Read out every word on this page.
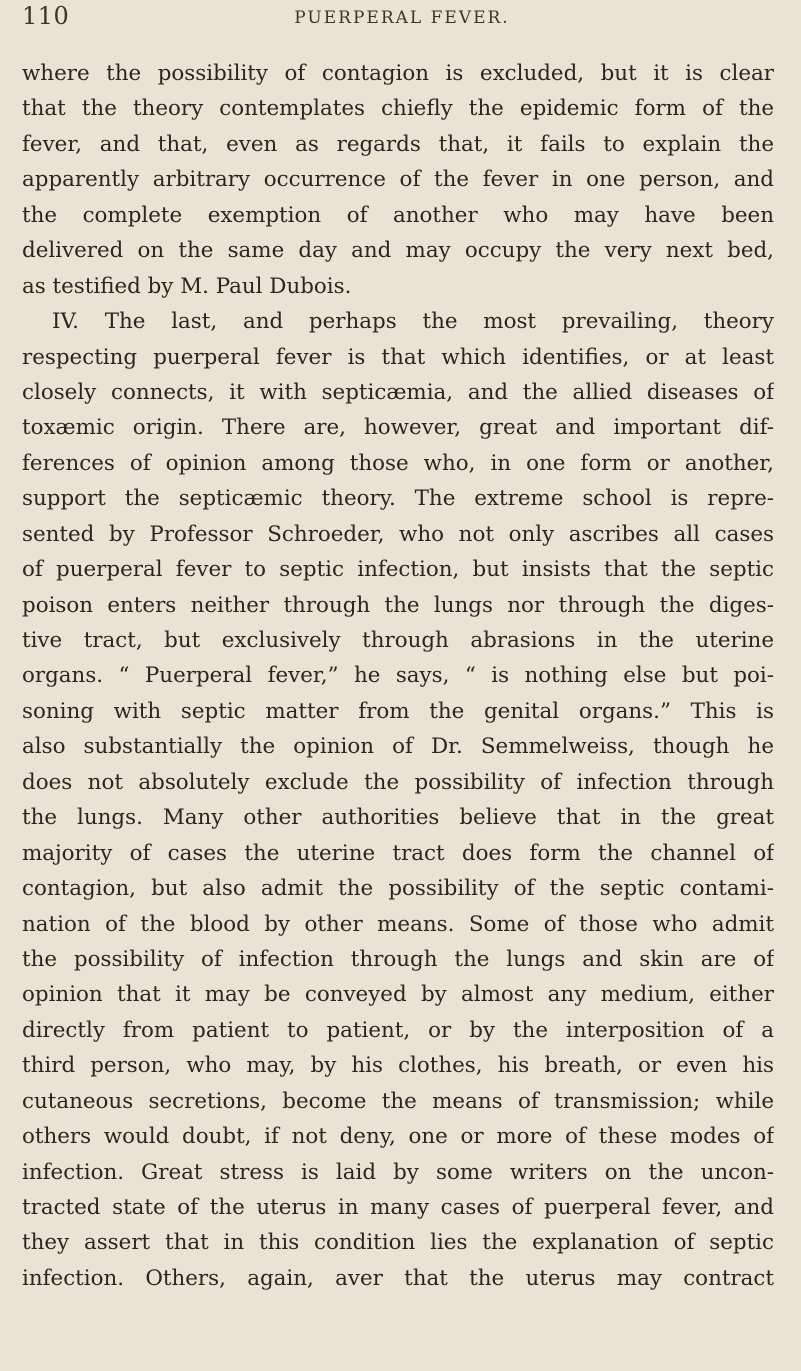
110	PUERPERAL FEVER.
where the possibility of contagion is excluded, but it is clear
that the theory contemplates chiefly the epidemic form of the
fever, and that, even as regards that, it fails to explain the
apparently arbitrary occurrence of the fever in one person, and
the complete exemption of another who may have been
delivered on the same day and may occupy the very next bed,
as testified by M. Paul Dubois.
IV. The last, and perhaps the most prevailing, theory
respecting puerperal fever is that which identifies, or at least
closely connects, it with septicæmia, and the allied diseases of
toxæmic origin. There are, however, great and important dif-
ferences of opinion among those who, in one form or another,
support the septicæmic theory. The extreme school is repre-
sented by Professor Schroeder, who not only ascribes all cases
of puerperal fever to septic infection, but insists that the septic
poison enters neither through the lungs nor through the diges-
tive tract, but exclusively through abrasions in the uterine
organs. “ Puerperal fever,” he says, “ is nothing else but poi-
soning with septic matter from the genital organs.” This is
also substantially the opinion of Dr. Semmelweiss, though he
does not absolutely exclude the possibility of infection through
the lungs. Many other authorities believe that in the great
majority of cases the uterine tract does form the channel of
contagion, but also admit the possibility of the septic contami-
nation of the blood by other means. Some of those who admit
the possibility of infection through the lungs and skin are of
opinion that it may be conveyed by almost any medium, either
directly from patient to patient, or by the interposition of a
third person, who may, by his clothes, his breath, or even his
cutaneous secretions, become the means of transmission; while
others would doubt, if not deny, one or more of these modes of
infection. Great stress is laid by some writers on the uncon-
tracted state of the uterus in many cases of puerperal fever, and
they assert that in this condition lies the explanation of septic
infection. Others, again, aver that the uterus may contract
